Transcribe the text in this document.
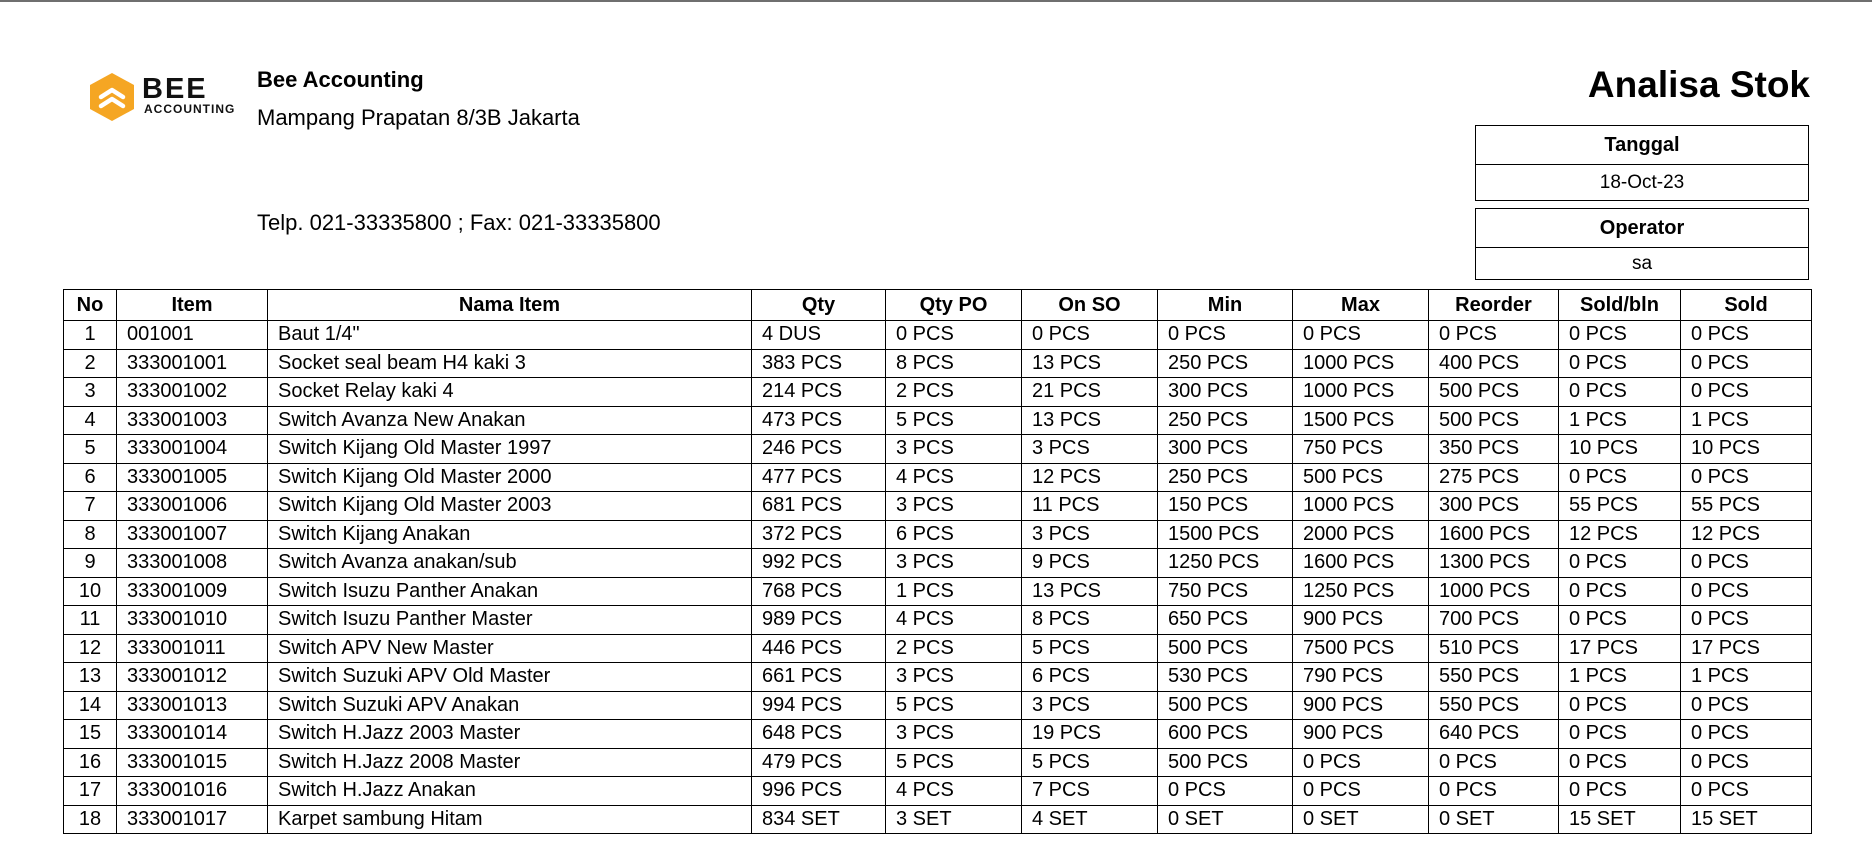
BEE
ACCOUNTING
Bee Accounting
Mampang Prapatan 8/3B Jakarta
Telp. 021-33335800 ; Fax: 021-33335800
Analisa Stok
Tanggal
18-Oct-23
Operator
sa
No	Item	Nama Item	Qty	Qty PO	On SO	Min	Max	Reorder	Sold/bln	Sold
1	001001	Baut 1/4"	4 DUS	0 PCS	0 PCS	0 PCS	0 PCS	0 PCS	0 PCS	0 PCS
2	333001001	Socket seal beam H4 kaki 3	383 PCS	8 PCS	13 PCS	250 PCS	1000 PCS	400 PCS	0 PCS	0 PCS
3	333001002	Socket Relay kaki 4	214 PCS	2 PCS	21 PCS	300 PCS	1000 PCS	500 PCS	0 PCS	0 PCS
4	333001003	Switch Avanza New Anakan	473 PCS	5 PCS	13 PCS	250 PCS	1500 PCS	500 PCS	1 PCS	1 PCS
5	333001004	Switch Kijang Old Master 1997	246 PCS	3 PCS	3 PCS	300 PCS	750 PCS	350 PCS	10 PCS	10 PCS
6	333001005	Switch Kijang Old Master 2000	477 PCS	4 PCS	12 PCS	250 PCS	500 PCS	275 PCS	0 PCS	0 PCS
7	333001006	Switch Kijang Old Master 2003	681 PCS	3 PCS	11 PCS	150 PCS	1000 PCS	300 PCS	55 PCS	55 PCS
8	333001007	Switch Kijang Anakan	372 PCS	6 PCS	3 PCS	1500 PCS	2000 PCS	1600 PCS	12 PCS	12 PCS
9	333001008	Switch Avanza anakan/sub	992 PCS	3 PCS	9 PCS	1250 PCS	1600 PCS	1300 PCS	0 PCS	0 PCS
10	333001009	Switch Isuzu Panther Anakan	768 PCS	1 PCS	13 PCS	750 PCS	1250 PCS	1000 PCS	0 PCS	0 PCS
11	333001010	Switch Isuzu Panther Master	989 PCS	4 PCS	8 PCS	650 PCS	900 PCS	700 PCS	0 PCS	0 PCS
12	333001011	Switch APV New Master	446 PCS	2 PCS	5 PCS	500 PCS	7500 PCS	510 PCS	17 PCS	17 PCS
13	333001012	Switch Suzuki APV Old Master	661 PCS	3 PCS	6 PCS	530 PCS	790 PCS	550 PCS	1 PCS	1 PCS
14	333001013	Switch Suzuki APV Anakan	994 PCS	5 PCS	3 PCS	500 PCS	900 PCS	550 PCS	0 PCS	0 PCS
15	333001014	Switch H.Jazz 2003 Master	648 PCS	3 PCS	19 PCS	600 PCS	900 PCS	640 PCS	0 PCS	0 PCS
16	333001015	Switch H.Jazz 2008 Master	479 PCS	5 PCS	5 PCS	500 PCS	0 PCS	0 PCS	0 PCS	0 PCS
17	333001016	Switch H.Jazz Anakan	996 PCS	4 PCS	7 PCS	0 PCS	0 PCS	0 PCS	0 PCS	0 PCS
18	333001017	Karpet sambung Hitam	834 SET	3 SET	4 SET	0 SET	0 SET	0 SET	15 SET	15 SET
